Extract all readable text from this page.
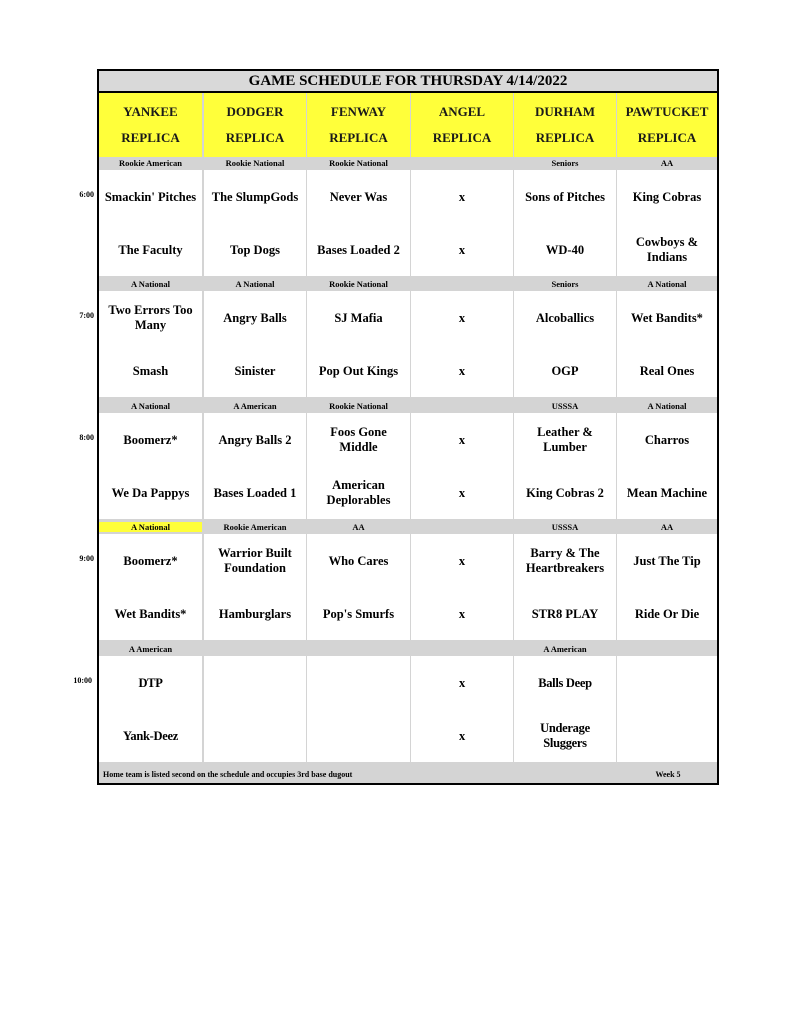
GAME SCHEDULE FOR THURSDAY 4/14/2022
YANKEE
REPLICA
DODGER
REPLICA
FENWAY
REPLICA
ANGEL
REPLICA
DURHAM
REPLICA
PAWTUCKET
REPLICA
Rookie American
Smackin' Pitches
The Faculty
Rookie National
The SlumpGods
Top Dogs
Rookie National
Never Was
Bases Loaded 2
x
x
Seniors
Sons of Pitches
WD-40
AA
King Cobras
Cowboys & Indians
A National
Two Errors Too Many
Smash
A National
Angry Balls
Sinister
Rookie National
SJ Mafia
Pop Out Kings
x
x
Seniors
Alcoballics
OGP
A National
Wet Bandits*
Real Ones
A National
Boomerz*
We Da Pappys
A American
Angry Balls 2
Bases Loaded 1
Rookie National
Foos Gone Middle
American Deplorables
x
x
USSSA
Leather & Lumber
King Cobras 2
A National
Charros
Mean Machine
A National
Boomerz*
Wet Bandits*
Rookie American
Warrior Built Foundation
Hamburglars
AA
Who Cares
Pop's Smurfs
x
x
USSSA
Barry & The Heartbreakers
STR8 PLAY
AA
Just The Tip
Ride Or Die
A American
DTP
Yank-Deez
x
x
A American
Balls Deep
Underage Sluggers
Home team is listed second on the schedule and occupies 3rd base dugout	Week 5
6:00
7:00
8:00
9:00
10:00
